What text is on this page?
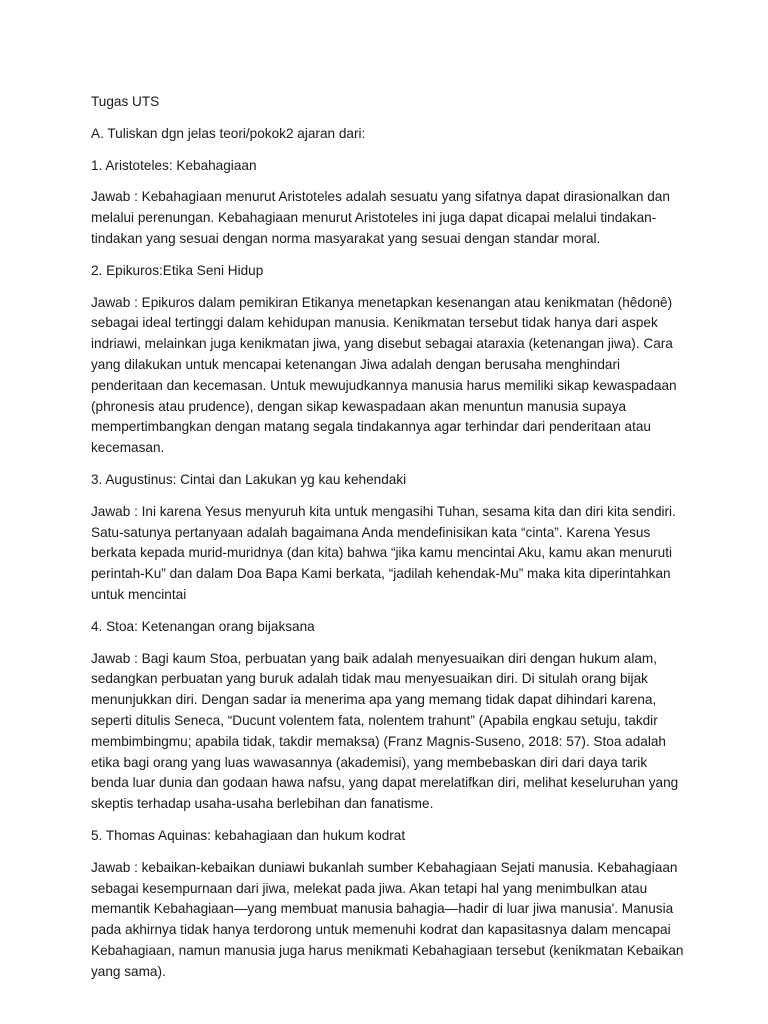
Tugas UTS

A. Tuliskan dgn jelas teori/pokok2 ajaran dari:

1. Aristoteles: Kebahagiaan

Jawab : Kebahagiaan menurut Aristoteles adalah sesuatu yang sifatnya dapat dirasionalkan dan melalui perenungan. Kebahagiaan menurut Aristoteles ini juga dapat dicapai melalui tindakan-tindakan yang sesuai dengan norma masyarakat yang sesuai dengan standar moral.

2. Epikuros:Etika Seni Hidup

Jawab : Epikuros dalam pemikiran Etikanya menetapkan kesenangan atau kenikmatan (hêdonê) sebagai ideal tertinggi dalam kehidupan manusia. Kenikmatan tersebut tidak hanya dari aspek indriawi, melainkan juga kenikmatan jiwa, yang disebut sebagai ataraxia (ketenangan jiwa). Cara yang dilakukan untuk mencapai ketenangan Jiwa adalah dengan berusaha menghindari penderitaan dan kecemasan. Untuk mewujudkannya manusia harus memiliki sikap kewaspadaan (phronesis atau prudence), dengan sikap kewaspadaan akan menuntun manusia supaya mempertimbangkan dengan matang segala tindakannya agar terhindar dari penderitaan atau kecemasan.

3. Augustinus: Cintai dan Lakukan yg kau kehendaki

Jawab : Ini karena Yesus menyuruh kita untuk mengasihi Tuhan, sesama kita dan diri kita sendiri. Satu-satunya pertanyaan adalah bagaimana Anda mendefinisikan kata “cinta”. Karena Yesus berkata kepada murid-muridnya (dan kita) bahwa “jika kamu mencintai Aku, kamu akan menuruti perintah-Ku” dan dalam Doa Bapa Kami berkata, “jadilah kehendak-Mu” maka kita diperintahkan untuk mencintai

4. Stoa: Ketenangan orang bijaksana

Jawab : Bagi kaum Stoa, perbuatan yang baik adalah menyesuaikan diri dengan hukum alam, sedangkan perbuatan yang buruk adalah tidak mau menyesuaikan diri. Di situlah orang bijak menunjukkan diri. Dengan sadar ia menerima apa yang memang tidak dapat dihindari karena, seperti ditulis Seneca, “Ducunt volentem fata, nolentem trahunt” (Apabila engkau setuju, takdir membimbingmu; apabila tidak, takdir memaksa) (Franz Magnis-Suseno, 2018: 57). Stoa adalah etika bagi orang yang luas wawasannya (akademisi), yang membebaskan diri dari daya tarik benda luar dunia dan godaan hawa nafsu, yang dapat merelatifkan diri, melihat keseluruhan yang skeptis terhadap usaha-usaha berlebihan dan fanatisme.

5. Thomas Aquinas: kebahagiaan dan hukum kodrat

Jawab : kebaikan-kebaikan duniawi bukanlah sumber Kebahagiaan Sejati manusia. Kebahagiaan sebagai kesempurnaan dari jiwa, melekat pada jiwa. Akan tetapi hal yang menimbulkan atau memantik Kebahagiaan—yang membuat manusia bahagia—hadir di luar jiwa manusia'. Manusia pada akhirnya tidak hanya terdorong untuk memenuhi kodrat dan kapasitasnya dalam mencapai Kebahagiaan, namun manusia juga harus menikmati Kebahagiaan tersebut (kenikmatan Kebaikan yang sama).
